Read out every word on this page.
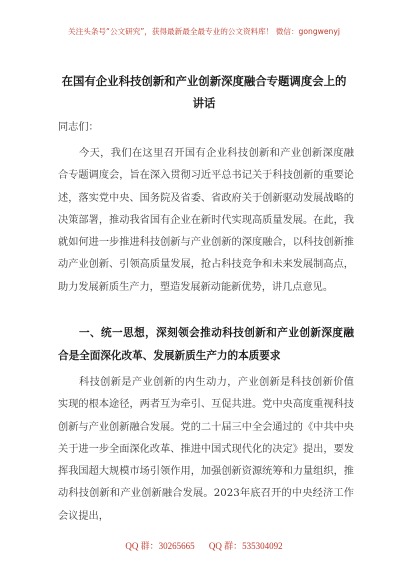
关注头条号“公文研究”，获得最新最全最专业的公文资料库！ 微信：gongwenyj
在国有企业科技创新和产业创新深度融合专题调度会上的讲话
同志们：
今天，我们在这里召开国有企业科技创新和产业创新深度融合专题调度会，旨在深入贯彻习近平总书记关于科技创新的重要论述，落实党中央、国务院及省委、省政府关于创新驱动发展战略的决策部署，推动我省国有企业在新时代实现高质量发展。在此，我就如何进一步推进科技创新与产业创新的深度融合，以科技创新推动产业创新、引领高质量发展，抢占科技竞争和未来发展制高点，助力发展新质生产力，塑造发展新动能新优势，讲几点意见。
一、统一思想，深刻领会推动科技创新和产业创新深度融合是全面深化改革、发展新质生产力的本质要求
科技创新是产业创新的内生动力，产业创新是科技创新价值实现的根本途径，两者互为牵引、互促共进。党中央高度重视科技创新与产业创新融合发展。党的二十届三中全会通过的《中共中央关于进一步全面深化改革、推进中国式现代化的决定》提出，要发挥我国超大规模市场引领作用，加强创新资源统筹和力量组织，推动科技创新和产业创新融合发展。2023年底召开的中央经济工作会议提出，
QQ 群：30265665 QQ 群：535304092
